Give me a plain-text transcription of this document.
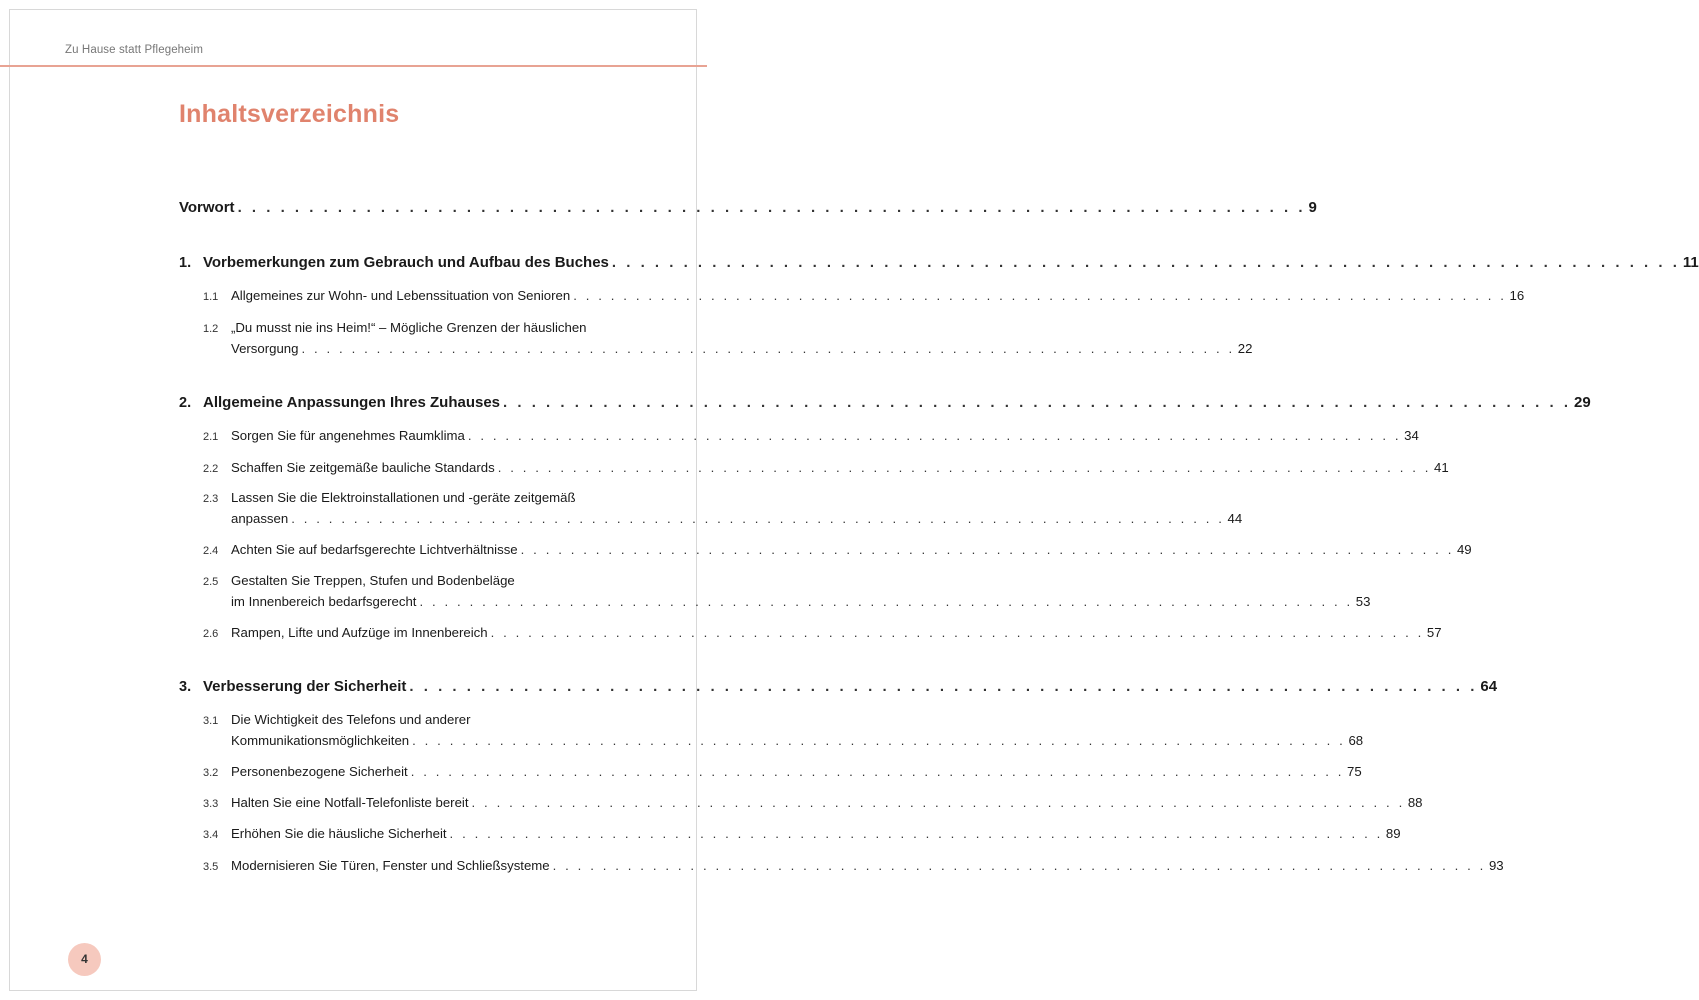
Zu Hause statt Pflegeheim
Inhaltsverzeichnis
Vorwort . . . . . . . . . . . . . . . . . . . . . . . . . . . . . . . . . . . . . . . . . . . . . . . . . . . . . . . . . . . . . . . . . . . . . . . . . . . 9
1. Vorbemerkungen zum Gebrauch und Aufbau des Buches . . . . . . . . . . . . . . . . . . . . . . . . . . . . . . . . . . . . . . . . . . . . . . . . . . . . . . . . . . . . . . . . . . . . . . . . . . . 11
1.1 Allgemeines zur Wohn- und Lebenssituation von Senioren . . . . . . . . . . . . . . . . . . . . . . . . . . . . . . . . . . . . . . . . . . . . . . . . . . . . . . . . . . . . . . . . . . . . . . . . . . . 16
1.2 „Du musst nie ins Heim!“ – Mögliche Grenzen der häuslichen
Versorgung . . . . . . . . . . . . . . . . . . . . . . . . . . . . . . . . . . . . . . . . . . . . . . . . . . . . . . . . . . . . . . . . . . . . . . . . . . . 22
2. Allgemeine Anpassungen Ihres Zuhauses . . . . . . . . . . . . . . . . . . . . . . . . . . . . . . . . . . . . . . . . . . . . . . . . . . . . . . . . . . . . . . . . . . . . . . . . . . . 29
2.1 Sorgen Sie für angenehmes Raumklima . . . . . . . . . . . . . . . . . . . . . . . . . . . . . . . . . . . . . . . . . . . . . . . . . . . . . . . . . . . . . . . . . . . . . . . . . . . 34
2.2 Schaffen Sie zeitgemäße bauliche Standards . . . . . . . . . . . . . . . . . . . . . . . . . . . . . . . . . . . . . . . . . . . . . . . . . . . . . . . . . . . . . . . . . . . . . . . . . . . 41
2.3 Lassen Sie die Elektroinstallationen und -geräte zeitgemäß
anpassen . . . . . . . . . . . . . . . . . . . . . . . . . . . . . . . . . . . . . . . . . . . . . . . . . . . . . . . . . . . . . . . . . . . . . . . . . . . 44
2.4 Achten Sie auf bedarfsgerechte Lichtverhältnisse . . . . . . . . . . . . . . . . . . . . . . . . . . . . . . . . . . . . . . . . . . . . . . . . . . . . . . . . . . . . . . . . . . . . . . . . . . . 49
2.5 Gestalten Sie Treppen, Stufen und Bodenbeläge
im Innenbereich bedarfsgerecht . . . . . . . . . . . . . . . . . . . . . . . . . . . . . . . . . . . . . . . . . . . . . . . . . . . . . . . . . . . . . . . . . . . . . . . . . . . 53
2.6 Rampen, Lifte und Aufzüge im Innenbereich . . . . . . . . . . . . . . . . . . . . . . . . . . . . . . . . . . . . . . . . . . . . . . . . . . . . . . . . . . . . . . . . . . . . . . . . . . . 57
3. Verbesserung der Sicherheit . . . . . . . . . . . . . . . . . . . . . . . . . . . . . . . . . . . . . . . . . . . . . . . . . . . . . . . . . . . . . . . . . . . . . . . . . . . 64
3.1 Die Wichtigkeit des Telefons und anderer
Kommunikationsmöglichkeiten . . . . . . . . . . . . . . . . . . . . . . . . . . . . . . . . . . . . . . . . . . . . . . . . . . . . . . . . . . . . . . . . . . . . . . . . . . . 68
3.2 Personenbezogene Sicherheit . . . . . . . . . . . . . . . . . . . . . . . . . . . . . . . . . . . . . . . . . . . . . . . . . . . . . . . . . . . . . . . . . . . . . . . . . . . 75
3.3 Halten Sie eine Notfall-Telefonliste bereit . . . . . . . . . . . . . . . . . . . . . . . . . . . . . . . . . . . . . . . . . . . . . . . . . . . . . . . . . . . . . . . . . . . . . . . . . . . 88
3.4 Erhöhen Sie die häusliche Sicherheit . . . . . . . . . . . . . . . . . . . . . . . . . . . . . . . . . . . . . . . . . . . . . . . . . . . . . . . . . . . . . . . . . . . . . . . . . . . 89
3.5 Modernisieren Sie Türen, Fenster und Schließsysteme . . . . . . . . . . . . . . . . . . . . . . . . . . . . . . . . . . . . . . . . . . . . . . . . . . . . . . . . . . . . . . . . . . . . . . . . . . . 93
4
